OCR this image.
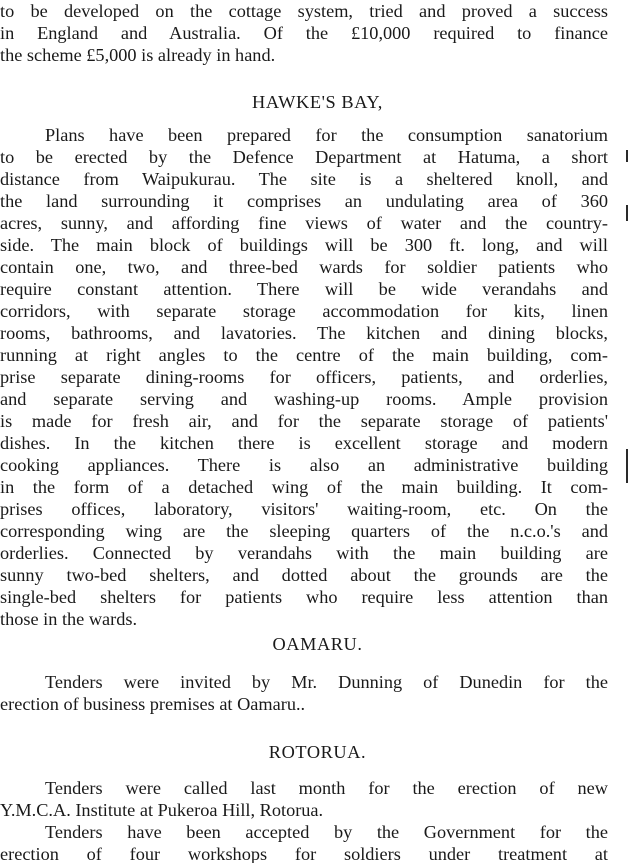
to be developed on the cottage system, tried and proved a success
in England and Australia. Of the £10,000 required to finance
the scheme £5,000 is already in hand.
HAWKE'S BAY,
Plans have been prepared for the consumption sanatorium
to be erected by the Defence Department at Hatuma, a short
distance from Waipukurau. The site is a sheltered knoll, and
the land surrounding it comprises an undulating area of 360
acres, sunny, and affording fine views of water and the country-
side. The main block of buildings will be 300 ft. long, and will
contain one, two, and three-bed wards for soldier patients who
require constant attention. There will be wide verandahs and
corridors, with separate storage accommodation for kits, linen
rooms, bathrooms, and lavatories. The kitchen and dining blocks,
running at right angles to the centre of the main building, com-
prise separate dining-rooms for officers, patients, and orderlies,
and separate serving and washing-up rooms. Ample provision
is made for fresh air, and for the separate storage of patients'
dishes. In the kitchen there is excellent storage and modern
cooking appliances. There is also an administrative building
in the form of a detached wing of the main building. It com-
prises offices, laboratory, visitors' waiting-room, etc. On the
corresponding wing are the sleeping quarters of the n.c.o.'s and
orderlies. Connected by verandahs with the main building are
sunny two-bed shelters, and dotted about the grounds are the
single-bed shelters for patients who require less attention than
those in the wards.
OAMARU.
Tenders were invited by Mr. Dunning of Dunedin for the
erection of business premises at Oamaru..
ROTORUA.
Tenders were called last month for the erection of new
Y.M.C.A. Institute at Pukeroa Hill, Rotorua.
Tenders have been accepted by the Government for the
erection of four workshops for soldiers under treatment at
